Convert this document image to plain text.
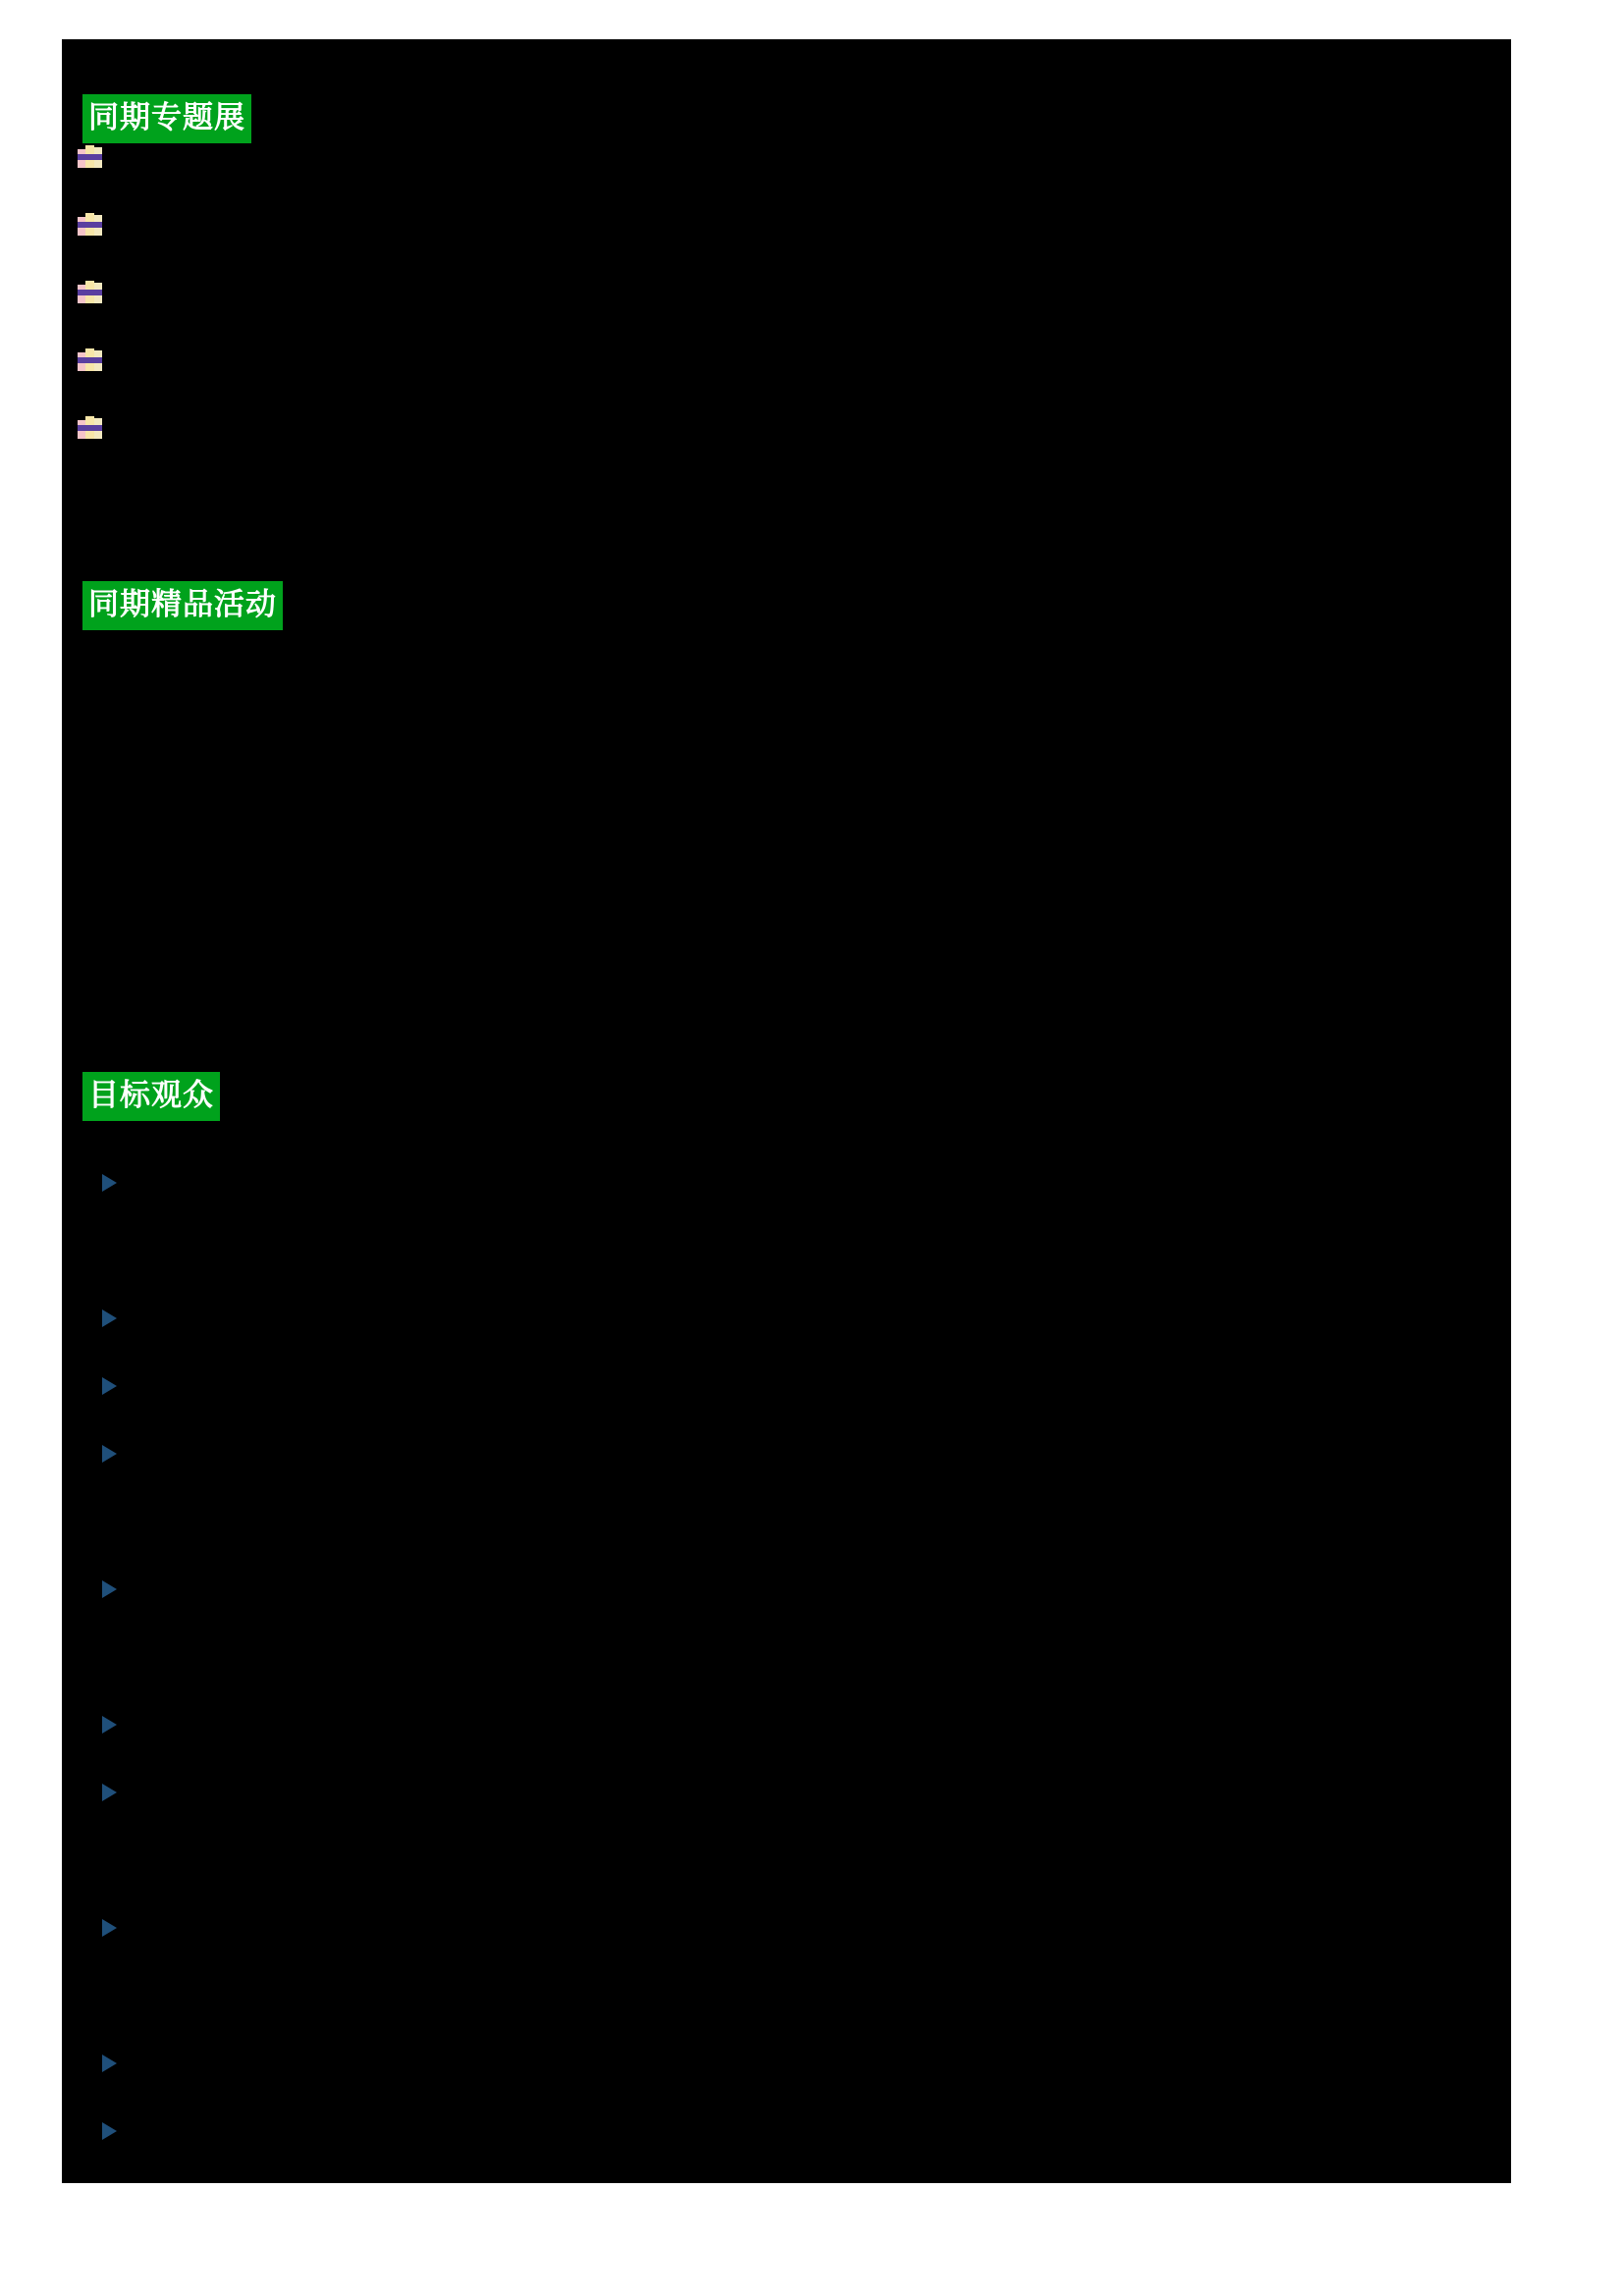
同期专题展
同期精品活动
目标观众
